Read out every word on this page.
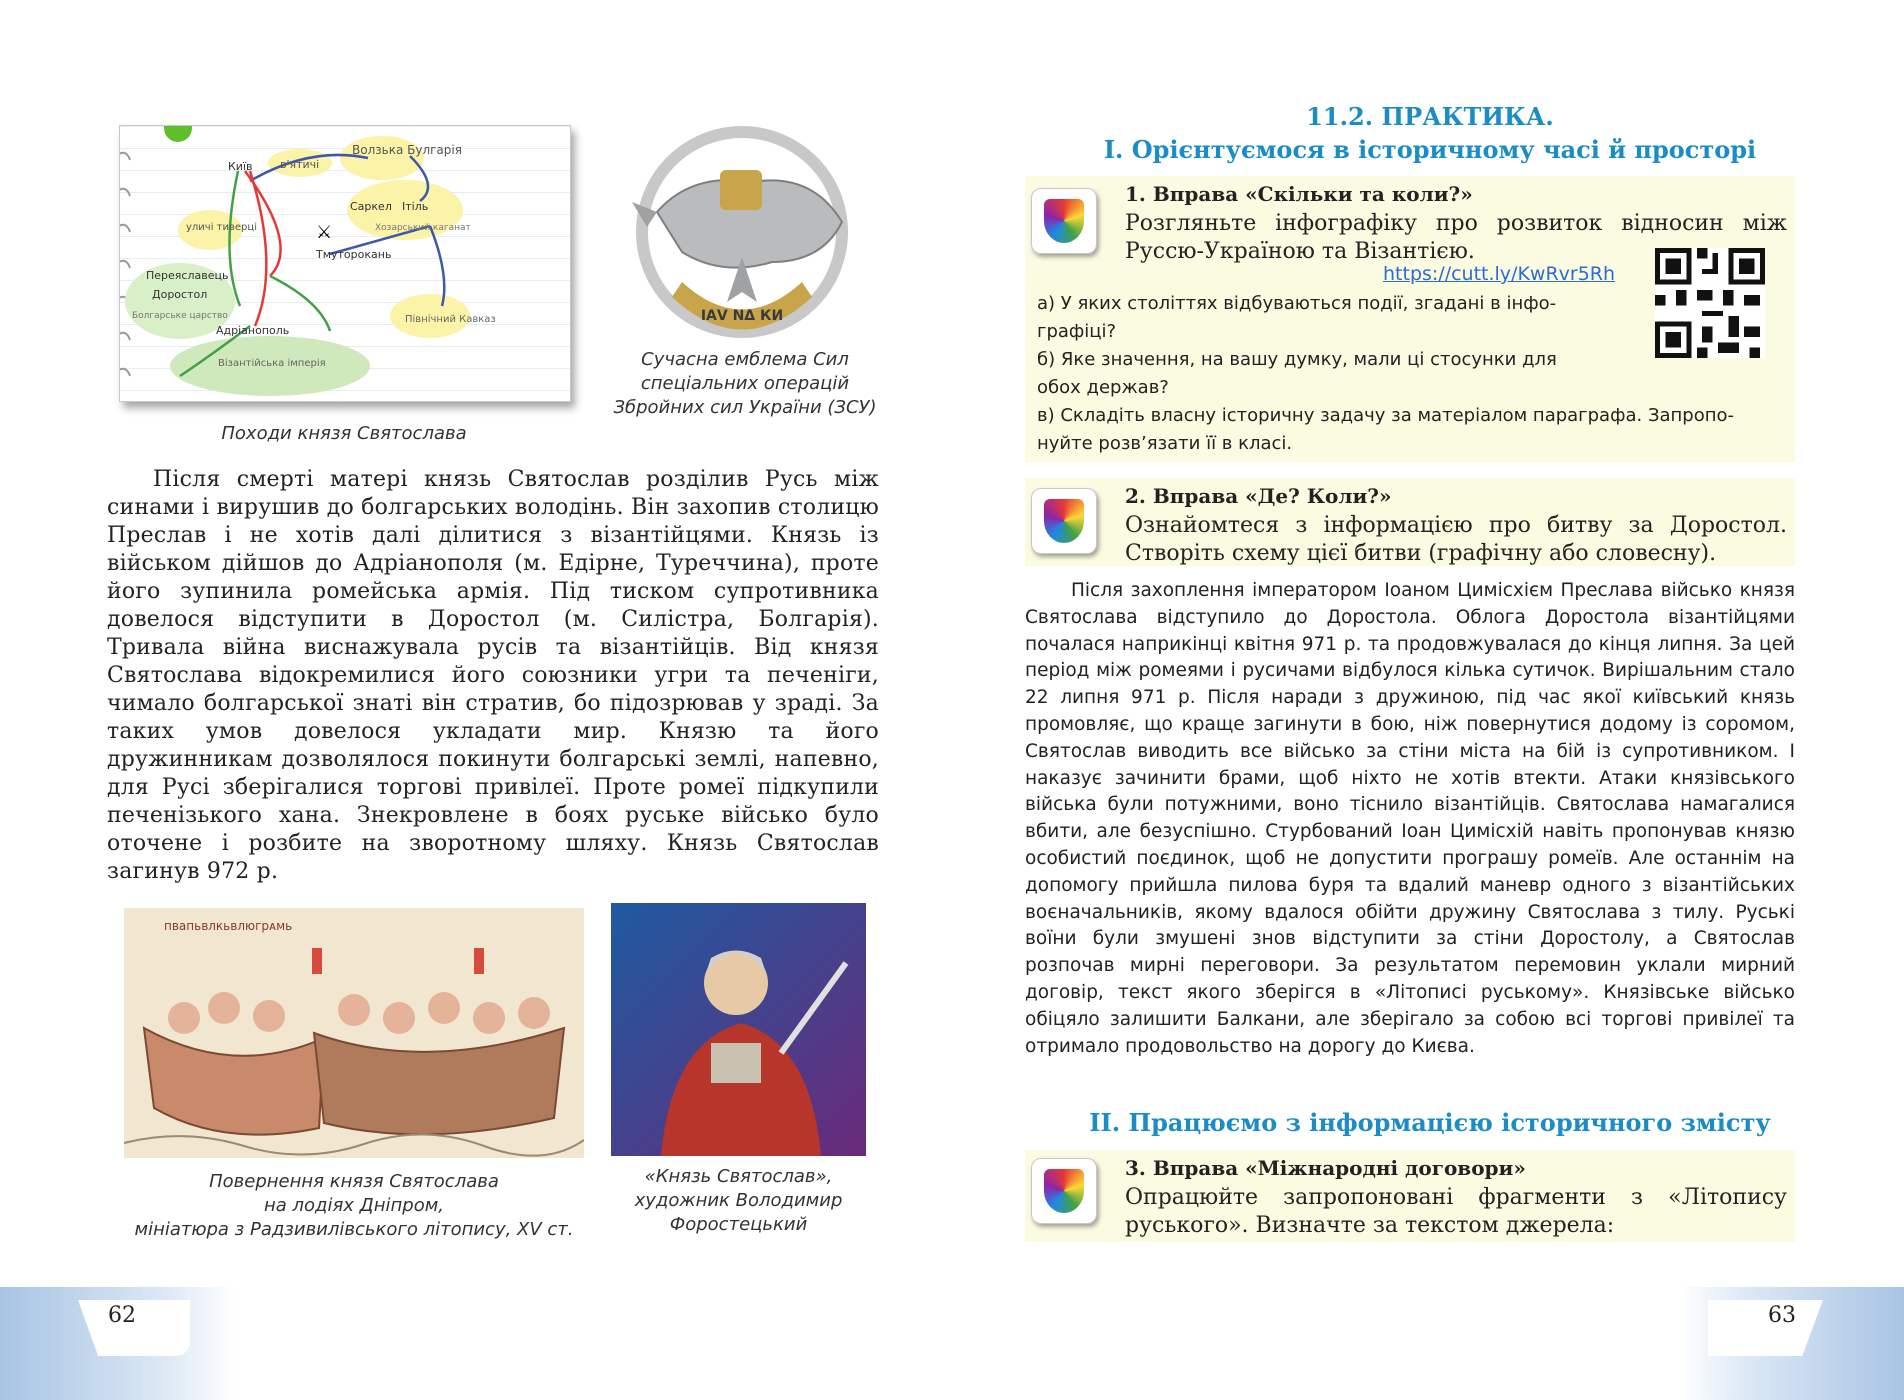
Київ	в'ятичі
Волзька Булгарія
уличі тиверці
Саркел Ітіль
Хозарський каганат
Переяславець
Доростол
Болгарське царство
Тмуторокань
Адріанополь
Візантійська імперія
Північний Кавказ
⚔
Походи князя Святослава
ІАV NΔ КИ
Сучасна емблема Сил
спеціальних операцій
Збройних сил України (ЗСУ)

Після смерті матері князь Святослав розділив Русь між синами і вирушив до болгарських володінь. Він захопив столицю Преслав і не хотів далі ділитися з візантійцями. Князь із військом дійшов до Адріанополя (м. Едірне, Туреччина), проте його зупинила ромейська армія. Під тиском супротивника довелося відступити в Доростол (м. Силістра, Болгарія). Тривала війна виснажувала русів та візантійців. Від князя Святослава відокремилися його союзники угри та печеніги, чимало болгарської знаті він стратив, бо підозрював у зраді. За таких умов довелося укладати мир. Князю та його дружинникам дозволялося покинути болгарські землі, напевно, для Русі зберігалися торгові привілеї. Проте ромеї підкупили печенізького хана. Знекровлене в боях руське військо було оточене і розбите на зворотному шляху. Князь Святослав загинув 972 р.

пвапьвлкьвлюгрᴀмь
Повернення князя Святослава
на лодіях Дніпром,
мініатюра з Радзивилівського літопису, XV ст.
«Князь Святослав»,
художник Володимир
Форостецький
62
11.2. ПРАКТИКА.
І. Орієнтуємося в історичному часі й просторі
1. Вправа «Скільки та коли?»
Розгляньте інфографіку про розвиток відносин між Руссю-Україною та Візантією.
https://cutt.ly/KwRvr5Rh
а) У яких століттях відбуваються події, згадані в інфо-
графіці?
б) Яке значення, на вашу думку, мали ці стосунки для
обох держав?
в) Складіть власну історичну задачу за матеріалом параграфа. Запропо-
нуйте розв’язати її в класі.
2. Вправа «Де? Коли?»
Ознайомтеся з інформацією про битву за Доростол. Створіть схему цієї битви (графічну або словесну).

Після захоплення імператором Іоаном Цимісхієм Преслава військо князя Святослава відступило до Доростола. Облога Доростола візантійцями почалася наприкінці квітня 971 р. та продовжувалася до кінця липня. За цей період між ромеями і русичами відбулося кілька сутичок. Вирішальним стало 22 липня 971 р. Після наради з дружиною, під час якої київський князь промовляє, що краще загинути в бою, ніж повернутися додому із соромом, Святослав виводить все військо за стіни міста на бій із супротивником. І наказує зачинити брами, щоб ніхто не хотів втекти. Атаки князівського війська були потужними, воно тіснило візантійців. Святослава намагалися вбити, але безуспішно. Стурбований Іоан Цимісхій навіть пропонував князю особистий поєдинок, щоб не допустити програшу ромеїв. Але останнім на допомогу прийшла пилова буря та вдалий маневр одного з візантійських воєначальників, якому вдалося обійти дружину Святослава з тилу. Руські воїни були змушені знов відступити за стіни Доростолу, а Святослав розпочав мирні переговори. За результатом перемовин уклали мирний договір, текст якого зберігся в «Літописі руському». Князівське військо обіцяло залишити Балкани, але зберігало за собою всі торгові привілеї та отримало продовольство на дорогу до Києва.

ІІ. Працюємо з інформацією історичного змісту
3. Вправа «Міжнародні договори»
Опрацюйте запропоновані фрагменти з «Літопису руського». Визначте за текстом джерела:
63
